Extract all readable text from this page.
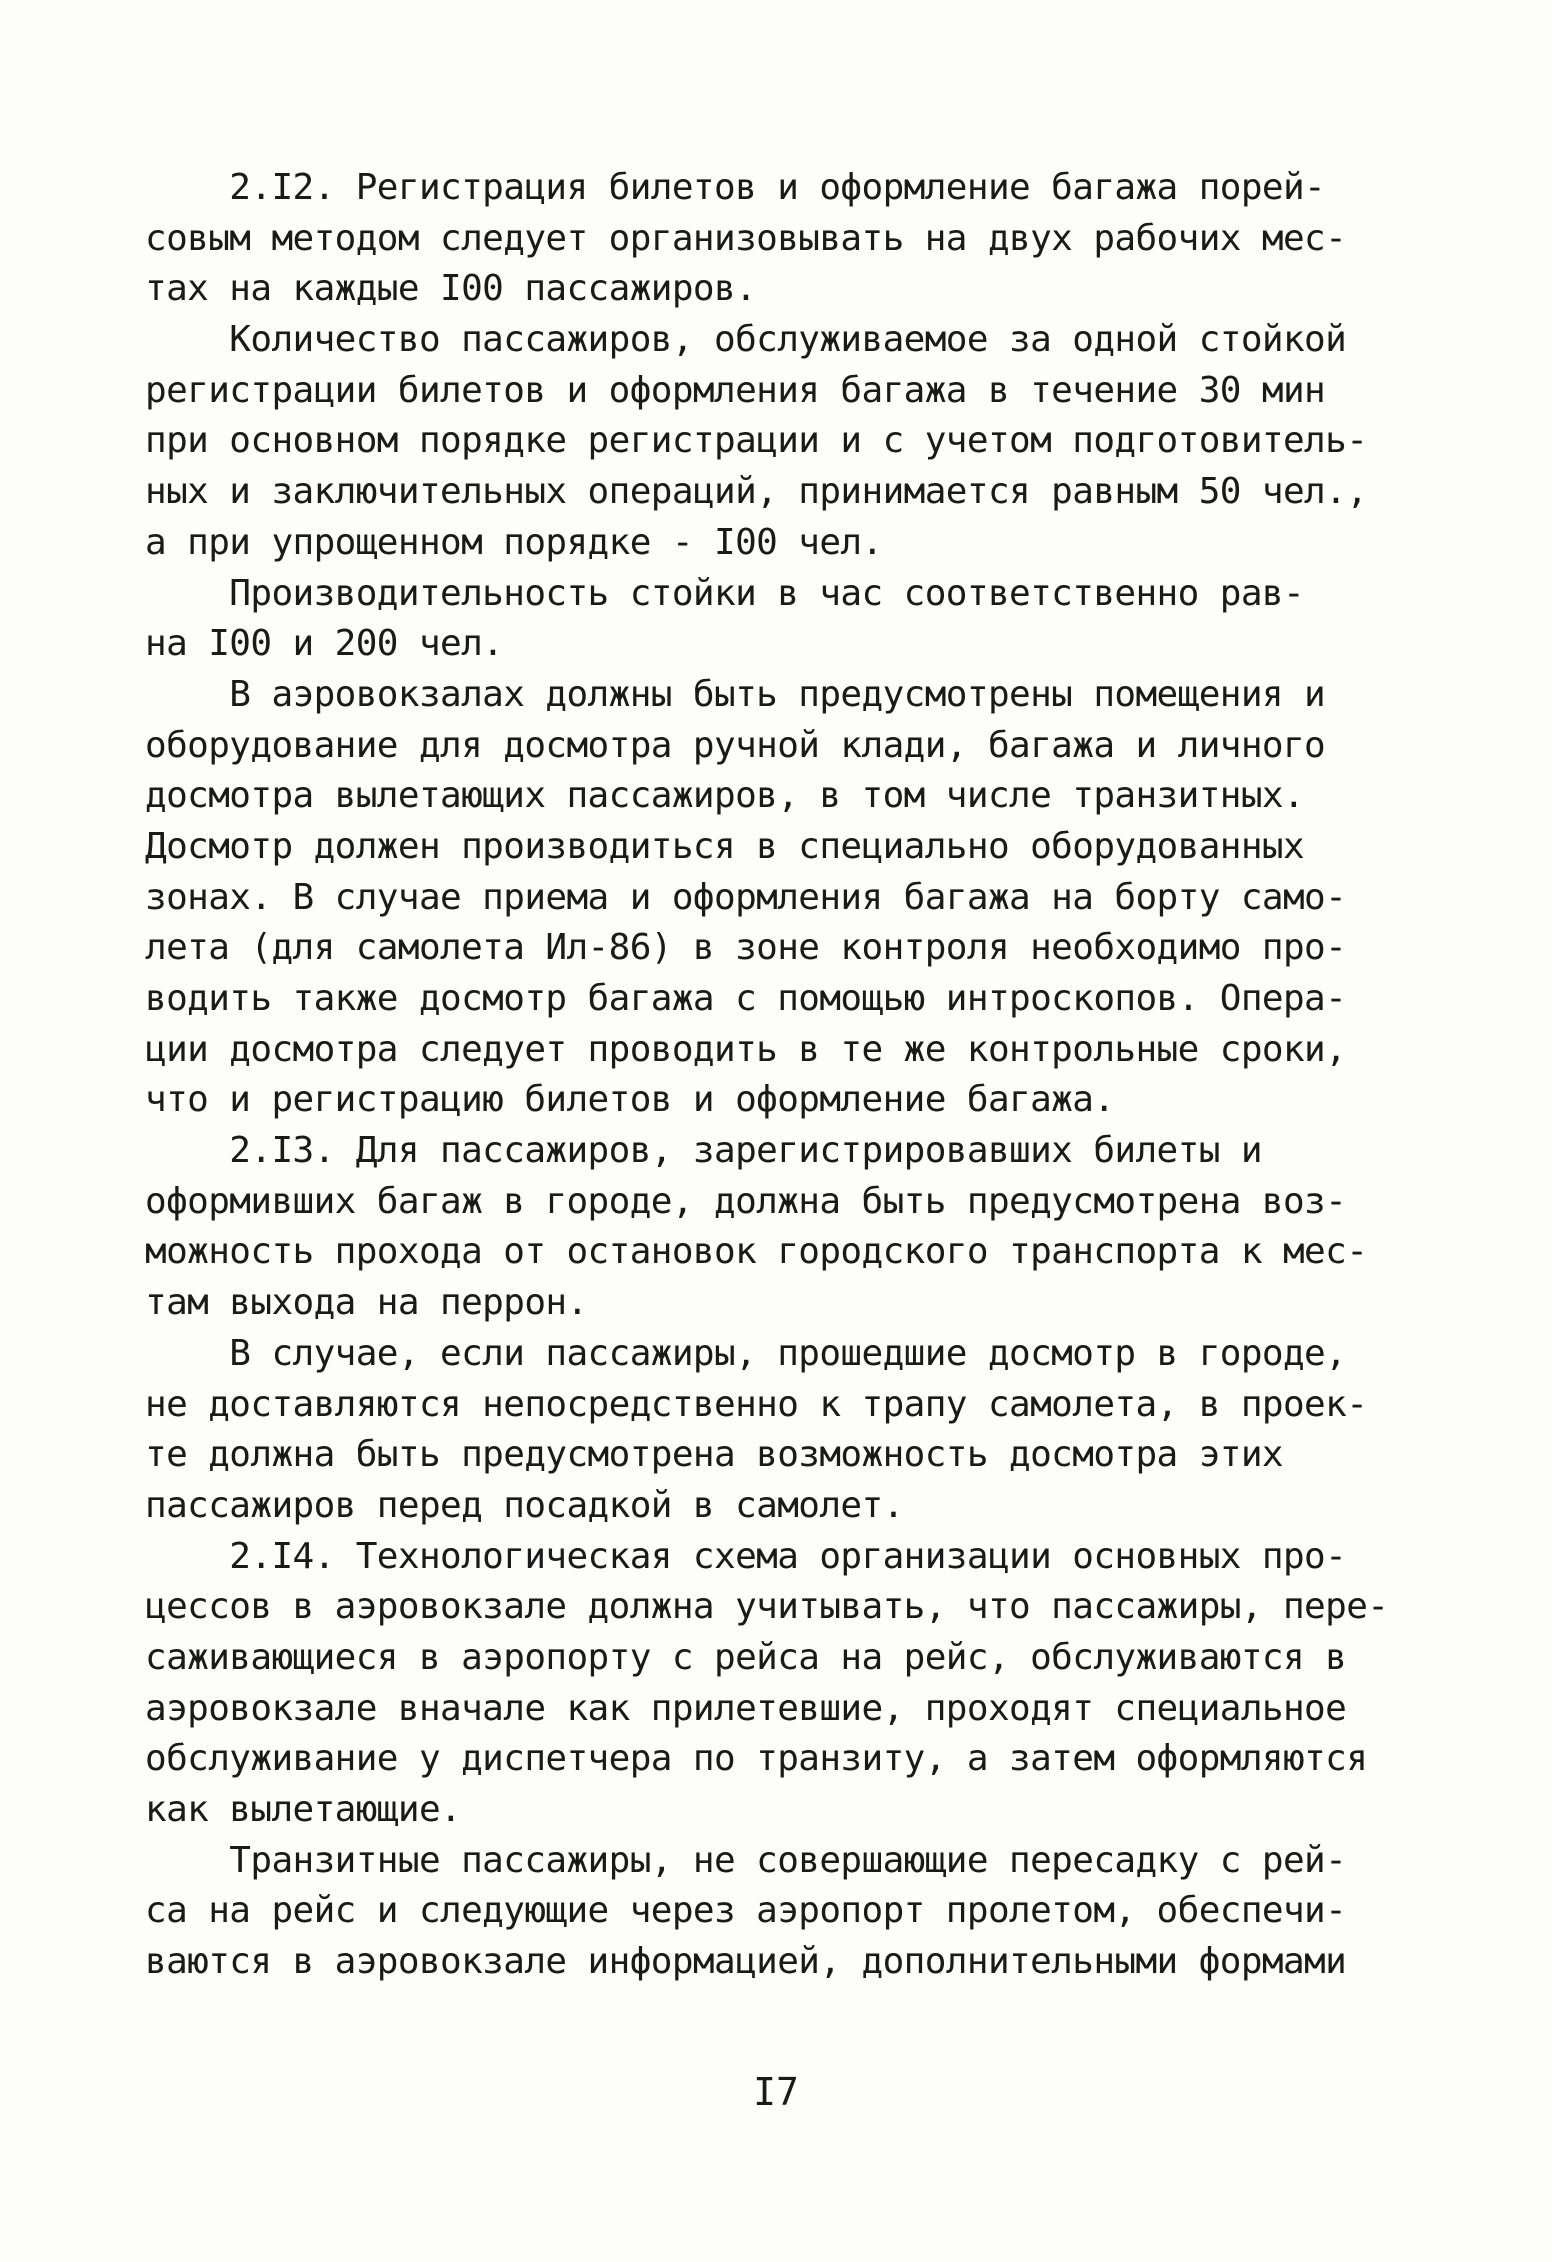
2.I2. Регистрация билетов и оформление багажа порей-
совым методом следует организовывать на двух рабочих мес-
тах на каждые I00 пассажиров.
Количество пассажиров, обслуживаемое за одной стойкой
регистрации билетов и оформления багажа в течение 30 мин
при основном порядке регистрации и с учетом подготовитель-
ных и заключительных операций, принимается равным 50 чел.,
а при упрощенном порядке - I00 чел.
Производительность стойки в час соответственно рав-
на I00 и 200 чел.
В аэровокзалах должны быть предусмотрены помещения и
оборудование для досмотра ручной клади, багажа и личного
досмотра вылетающих пассажиров, в том числе транзитных.
Досмотр должен производиться в специально оборудованных
зонах. В случае приема и оформления багажа на борту само-
лета (для самолета Ил-86) в зоне контроля необходимо про-
водить также досмотр багажа с помощью интроскопов. Опера-
ции досмотра следует проводить в те же контрольные сроки,
что и регистрацию билетов и оформление багажа.
2.I3. Для пассажиров, зарегистрировавших билеты и
оформивших багаж в городе, должна быть предусмотрена воз-
можность прохода от остановок городского транспорта к мес-
там выхода на перрон.
В случае, если пассажиры, прошедшие досмотр в городе,
не доставляются непосредственно к трапу самолета, в проек-
те должна быть предусмотрена возможность досмотра этих
пассажиров перед посадкой в самолет.
2.I4. Технологическая схема организации основных про-
цессов в аэровокзале должна учитывать, что пассажиры, пере-
саживающиеся в аэропорту с рейса на рейс, обслуживаются в
аэровокзале вначале как прилетевшие, проходят специальное
обслуживание у диспетчера по транзиту, а затем оформляются
как вылетающие.
Транзитные пассажиры, не совершающие пересадку с рей-
са на рейс и следующие через аэропорт пролетом, обеспечи-
ваются в аэровокзале информацией, дополнительными формами
I7
